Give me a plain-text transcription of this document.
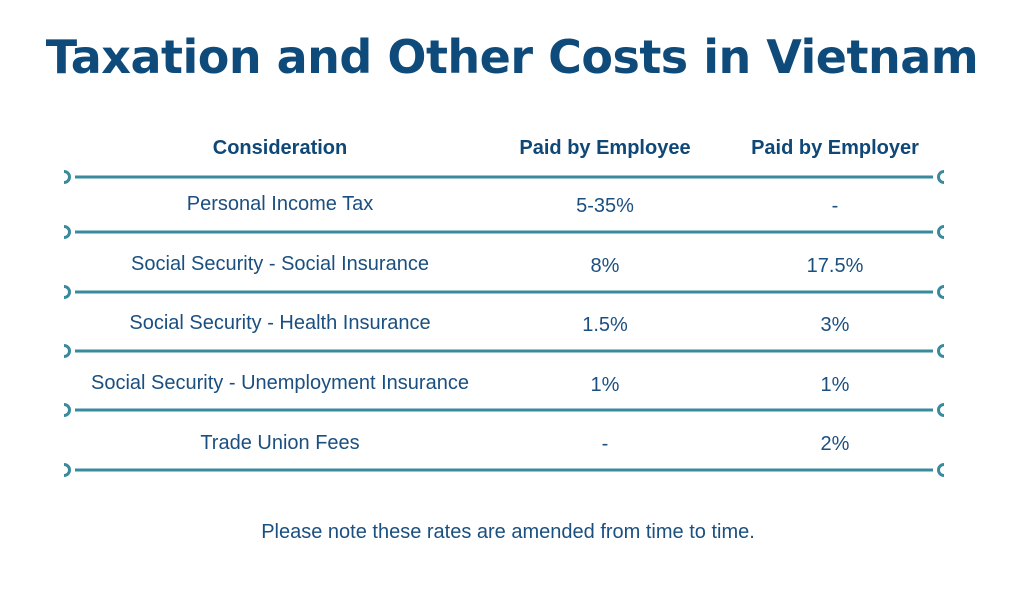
Taxation and Other Costs in Vietnam
Consideration	Paid by Employee	Paid by Employer
Personal Income Tax	5-35%	-
Social Security - Social Insurance	8%	17.5%
Social Security - Health Insurance	1.5%	3%
Social Security - Unemployment Insurance	1%	1%
Trade Union Fees	-	2%
Please note these rates are amended from time to time.
